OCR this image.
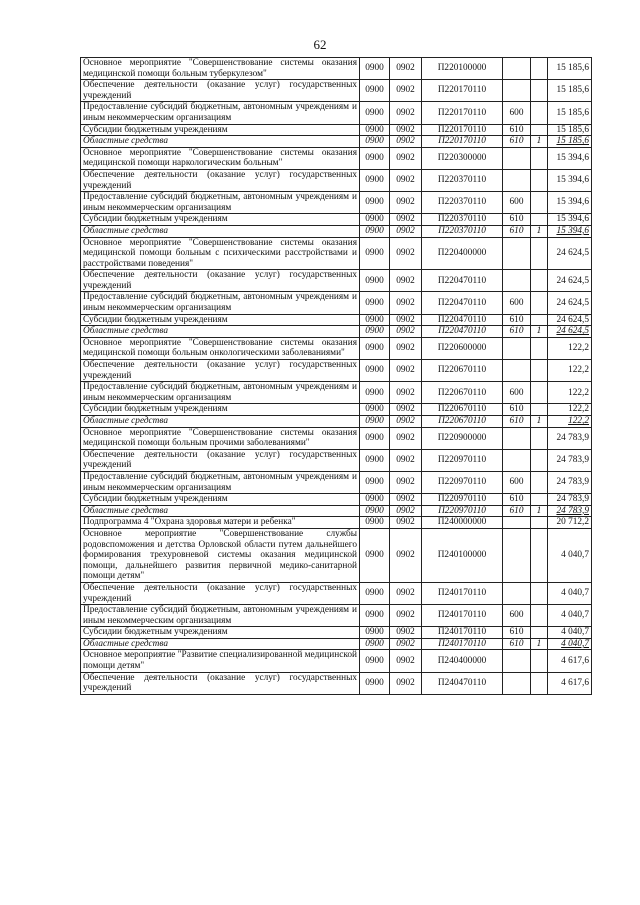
62
Основное мероприятие "Совершенствование системы оказания медицинской помощи больным туберкулезом"	0900	0902	П220100000			15 185,6
Обеспечение деятельности (оказание услуг) государственных учреждений	0900	0902	П220170110			15 185,6
Предоставление субсидий бюджетным, автономным учреждениям и иным некоммерческим организациям	0900	0902	П220170110	600		15 185,6
Субсидии бюджетным учреждениям	0900	0902	П220170110	610		15 185,6
Областные средства	0900	0902	П220170110	610	1	15 185,6
Основное мероприятие "Совершенствование системы оказания медицинской помощи наркологическим больным"	0900	0902	П220300000			15 394,6
Обеспечение деятельности (оказание услуг) государственных учреждений	0900	0902	П220370110			15 394,6
Предоставление субсидий бюджетным, автономным учреждениям и иным некоммерческим организациям	0900	0902	П220370110	600		15 394,6
Субсидии бюджетным учреждениям	0900	0902	П220370110	610		15 394,6
Областные средства	0900	0902	П220370110	610	1	15 394,6
Основное мероприятие "Совершенствование системы оказания медицинской помощи больным с психическими расстройствами и расстройствами поведения"	0900	0902	П220400000			24 624,5
Обеспечение деятельности (оказание услуг) государственных учреждений	0900	0902	П220470110			24 624,5
Предоставление субсидий бюджетным, автономным учреждениям и иным некоммерческим организациям	0900	0902	П220470110	600		24 624,5
Субсидии бюджетным учреждениям	0900	0902	П220470110	610		24 624,5
Областные средства	0900	0902	П220470110	610	1	24 624,5
Основное мероприятие "Совершенствование системы оказания медицинской помощи больным онкологическими заболеваниями"	0900	0902	П220600000			122,2
Обеспечение деятельности (оказание услуг) государственных учреждений	0900	0902	П220670110			122,2
Предоставление субсидий бюджетным, автономным учреждениям и иным некоммерческим организациям	0900	0902	П220670110	600		122,2
Субсидии бюджетным учреждениям	0900	0902	П220670110	610		122,2
Областные средства	0900	0902	П220670110	610	1	122,2
Основное мероприятие "Совершенствование системы оказания медицинской помощи больным прочими заболеваниями"	0900	0902	П220900000			24 783,9
Обеспечение деятельности (оказание услуг) государственных учреждений	0900	0902	П220970110			24 783,9
Предоставление субсидий бюджетным, автономным учреждениям и иным некоммерческим организациям	0900	0902	П220970110	600		24 783,9
Субсидии бюджетным учреждениям	0900	0902	П220970110	610		24 783,9
Областные средства	0900	0902	П220970110	610	1	24 783,9
Подпрограмма 4 "Охрана здоровья матери и ребенка"	0900	0902	П240000000			20 712,2
Основное мероприятие "Совершенствование службы родовспоможения и детства Орловской области путем дальнейшего формирования трехуровневой системы оказания медицинской помощи, дальнейшего развития первичной медико-санитарной помощи детям"	0900	0902	П240100000			4 040,7
Обеспечение деятельности (оказание услуг) государственных учреждений	0900	0902	П240170110			4 040,7
Предоставление субсидий бюджетным, автономным учреждениям и иным некоммерческим организациям	0900	0902	П240170110	600		4 040,7
Субсидии бюджетным учреждениям	0900	0902	П240170110	610		4 040,7
Областные средства	0900	0902	П240170110	610	1	4 040,7
Основное мероприятие "Развитие специализированной медицинской помощи детям"	0900	0902	П240400000			4 617,6
Обеспечение деятельности (оказание услуг) государственных учреждений	0900	0902	П240470110			4 617,6
